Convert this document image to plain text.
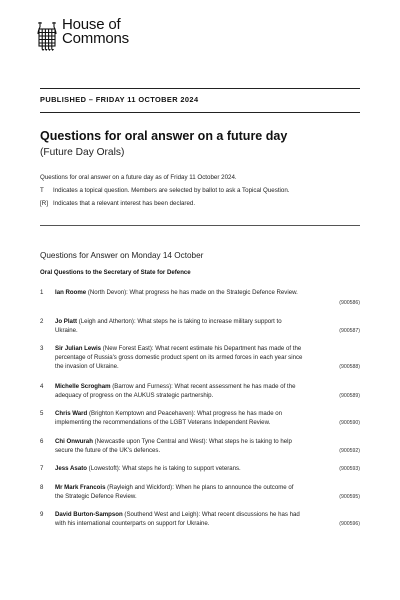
House of
Commons
PUBLISHED – FRIDAY 11 OCTOBER 2024
Questions for oral answer on a future day
(Future Day Orals)
Questions for oral answer on a future day as of Friday 11 October 2024.
T	Indicates a topical question. Members are selected by ballot to ask a Topical Question.
[R] Indicates that a relevant interest has been declared.
Questions for Answer on Monday 14 October
Oral Questions to the Secretary of State for Defence
1	Ian Roome (North Devon): What progress he has made on the Strategic Defence Review.
(900586)
2	Jo Platt (Leigh and Atherton): What steps he is taking to increase military support to
Ukraine.	(900587)
3	Sir Julian Lewis (New Forest East): What recent estimate his Department has made of the
percentage of Russia's gross domestic product spent on its armed forces in each year since
the invasion of Ukraine.	(900588)
4	Michelle Scrogham (Barrow and Furness): What recent assessment he has made of the
adequacy of progress on the AUKUS strategic partnership.	(900589)
5	Chris Ward (Brighton Kemptown and Peacehaven): What progress he has made on
implementing the recommendations of the LGBT Veterans Independent Review.	(900590)
6	Chi Onwurah (Newcastle upon Tyne Central and West): What steps he is taking to help
secure the future of the UK's defences.	(900592)
7	Jess Asato (Lowestoft): What steps he is taking to support veterans.	(900593)
8	Mr Mark Francois (Rayleigh and Wickford): When he plans to announce the outcome of
the Strategic Defence Review.	(900595)
9	David Burton-Sampson (Southend West and Leigh): What recent discussions he has had
with his international counterparts on support for Ukraine.	(900596)
